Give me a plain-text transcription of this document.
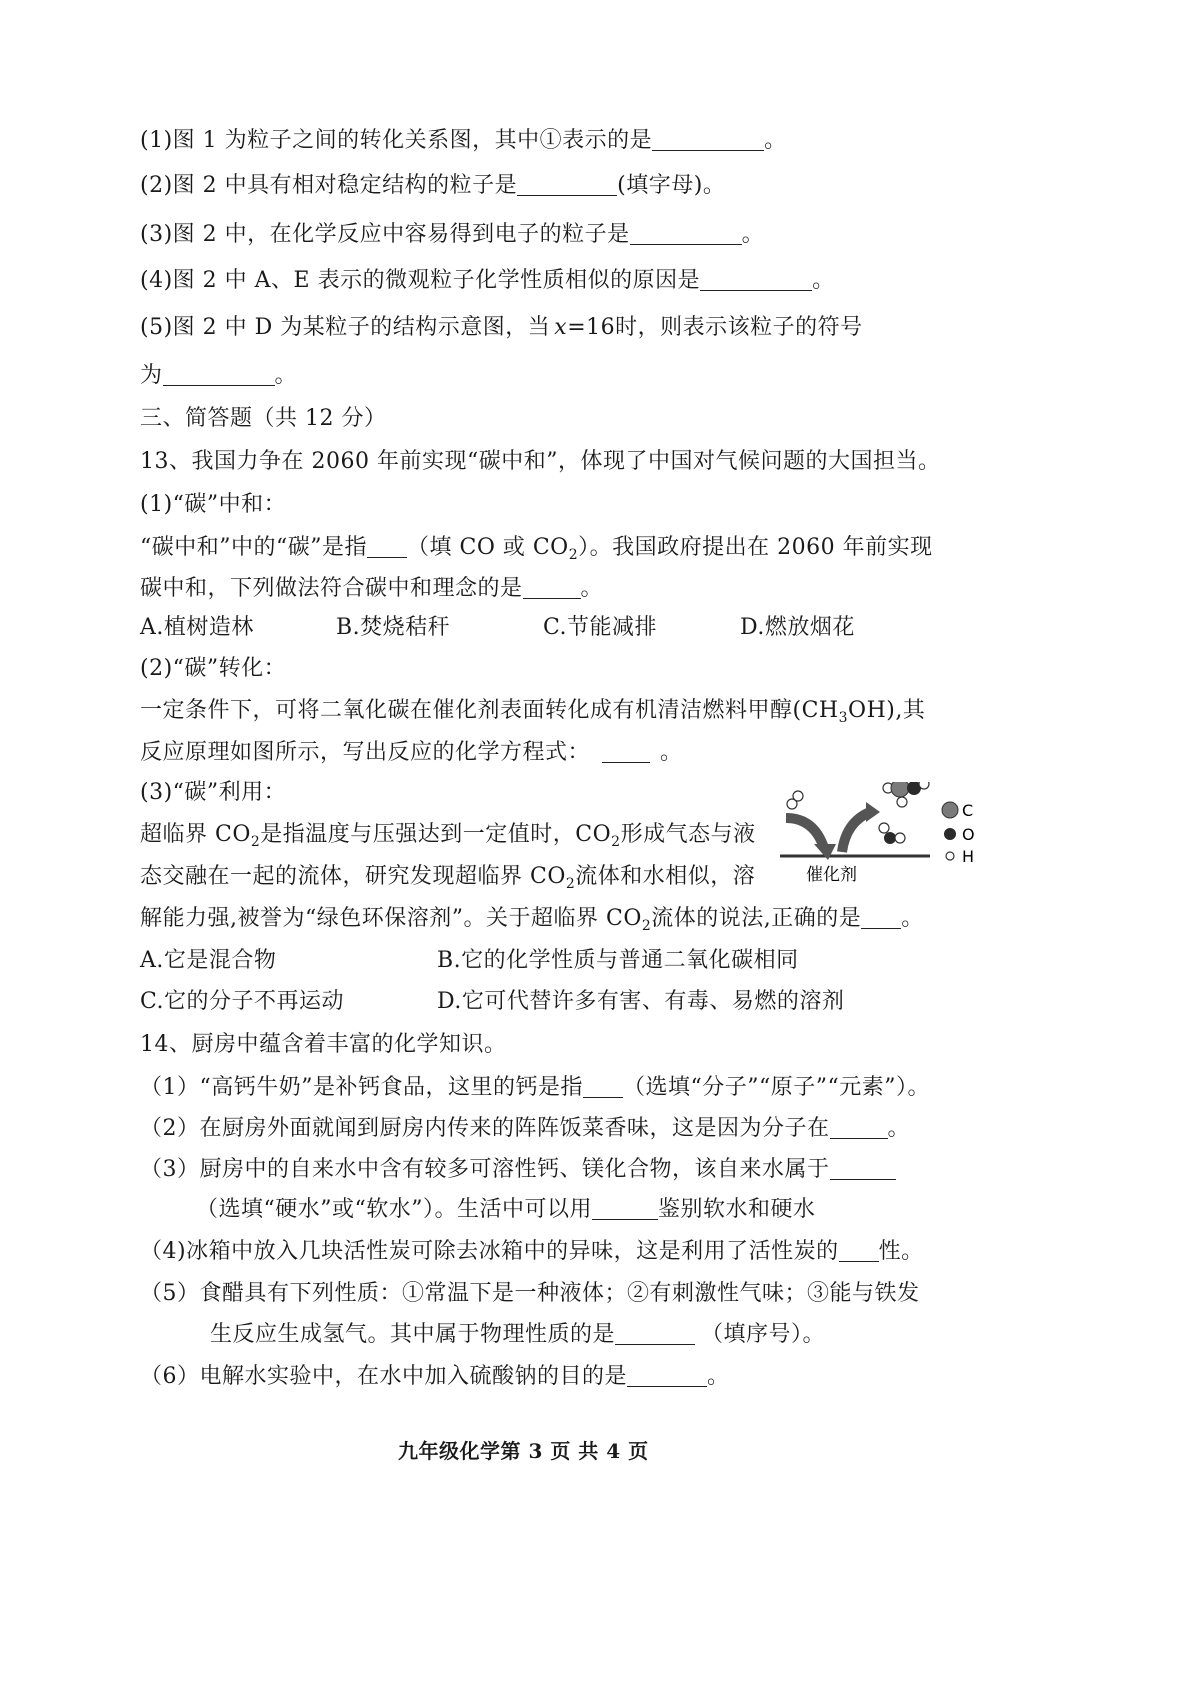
(1)图 1 为粒子之间的转化关系图，其中①表示的是	。
(2)图 2 中具有相对稳定结构的粒子是	(填字母)。
(3)图 2 中，在化学反应中容易得到电子的粒子是	。
(4)图 2 中 A、E 表示的微观粒子化学性质相似的原因是	。
(5)图 2 中 D 为某粒子的结构示意图，当 x=16时，则表示该粒子的符号
为	。
三、简答题（共 12 分）
13、我国力争在 2060 年前实现“碳中和”，体现了中国对气候问题的大国担当。
(1)“碳”中和：
“碳中和”中的“碳”是指 （填 CO 或 $CO_2$）。我国政府提出在 2060 年前实现
碳中和，下列做法符合碳中和理念的是	。
A.植树造林	B.焚烧秸秆	C.节能减排	D.燃放烟花
(2)“碳”转化：
一定条件下，可将二氧化碳在催化剂表面转化成有机清洁燃料甲醇$(CH_3OH)$,其
反应原理如图所示，写出反应的化学方程式：	。
(3)“碳”利用：
超临界 $CO_2$是指温度与压强达到一定值时，$CO_2$形成气态与液
态交融在一起的流体，研究发现超临界 $CO_2$流体和水相似，溶
解能力强,被誉为“绿色环保溶剂”。关于超临界 $CO_2$流体的说法,正确的是 。
A.它是混合物	B.它的化学性质与普通二氧化碳相同
C.它的分子不再运动	D.它可代替许多有害、有毒、易燃的溶剂
C
O
H
催化剂
14、厨房中蕴含着丰富的化学知识。
（1）“高钙牛奶”是补钙食品，这里的钙是指 （选填“分子”“原子”“元素”）。
（2）在厨房外面就闻到厨房内传来的阵阵饭菜香味，这是因为分子在	。
（3）厨房中的自来水中含有较多可溶性钙、镁化合物，该自来水属于
（选填“硬水”或“软水”）。生活中可以用	鉴别软水和硬水
（4)冰箱中放入几块活性炭可除去冰箱中的异味，这是利用了活性炭的 性。
（5）食醋具有下列性质：①常温下是一种液体；②有刺激性气味；③能与铁发
生反应生成氢气。其中属于物理性质的是	（填序号）。
（6）电解水实验中，在水中加入硫酸钠的目的是	。
九年级化学第 3 页 共 4 页
